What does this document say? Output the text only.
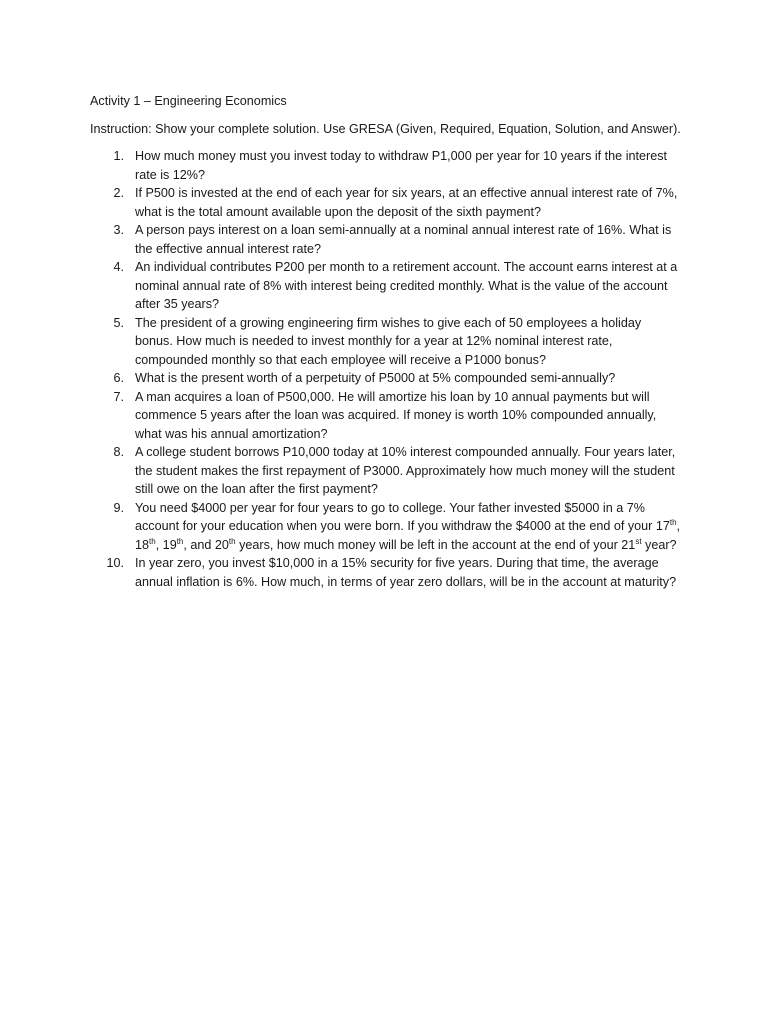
Activity 1 – Engineering Economics

Instruction: Show your complete solution. Use GRESA (Given, Required, Equation, Solution, and Answer).

1. How much money must you invest today to withdraw P1,000 per year for 10 years if the interest rate is 12%?
2. If P500 is invested at the end of each year for six years, at an effective annual interest rate of 7%, what is the total amount available upon the deposit of the sixth payment?
3. A person pays interest on a loan semi-annually at a nominal annual interest rate of 16%. What is the effective annual interest rate?
4. An individual contributes P200 per month to a retirement account. The account earns interest at a nominal annual rate of 8% with interest being credited monthly. What is the value of the account after 35 years?
5. The president of a growing engineering firm wishes to give each of 50 employees a holiday bonus. How much is needed to invest monthly for a year at 12% nominal interest rate, compounded monthly so that each employee will receive a P1000 bonus?
6. What is the present worth of a perpetuity of P5000 at 5% compounded semi-annually?
7. A man acquires a loan of P500,000. He will amortize his loan by 10 annual payments but will commence 5 years after the loan was acquired. If money is worth 10% compounded annually, what was his annual amortization?
8. A college student borrows P10,000 today at 10% interest compounded annually. Four years later, the student makes the first repayment of P3000. Approximately how much money will the student still owe on the loan after the first payment?
9. You need $4000 per year for four years to go to college. Your father invested $5000 in a 7% account for your education when you were born. If you withdraw the $4000 at the end of your 17th, 18th, 19th, and 20th years, how much money will be left in the account at the end of your 21st year?
10. In year zero, you invest $10,000 in a 15% security for five years. During that time, the average annual inflation is 6%. How much, in terms of year zero dollars, will be in the account at maturity?
